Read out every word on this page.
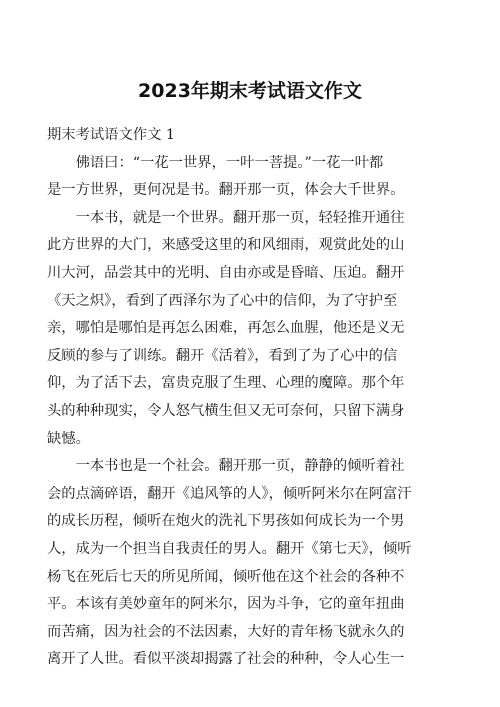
2023年期末考试语文作文
期末考试语文作文 1
佛语曰：“一花一世界，一叶一菩提。”一花一叶都
是一方世界，更何况是书。翻开那一页，体会大千世界。
一本书，就是一个世界。翻开那一页，轻轻推开通往
此方世界的大门，来感受这里的和风细雨，观赏此处的山
川大河，品尝其中的光明、自由亦或是昏暗、压迫。翻开
《天之炽》，看到了西泽尔为了心中的信仰，为了守护至
亲，哪怕是哪怕是再怎么困难，再怎么血腥，他还是义无
反顾的参与了训练。翻开《活着》，看到了为了心中的信
仰，为了活下去，富贵克服了生理、心理的魔障。那个年
头的种种现实，令人怒气横生但又无可奈何，只留下满身
缺憾。
一本书也是一个社会。翻开那一页，静静的倾听着社
会的点滴碎语，翻开《追风筝的人》，倾听阿米尔在阿富汗
的成长历程，倾听在炮火的洗礼下男孩如何成长为一个男
人，成为一个担当自我责任的男人。翻开《第七天》，倾听
杨飞在死后七天的所见所闻，倾听他在这个社会的各种不
平。本该有美妙童年的阿米尔，因为斗争，它的童年扭曲
而苦痛，因为社会的不法因素，大好的青年杨飞就永久的
离开了人世。看似平淡却揭露了社会的种种，令人心生一
